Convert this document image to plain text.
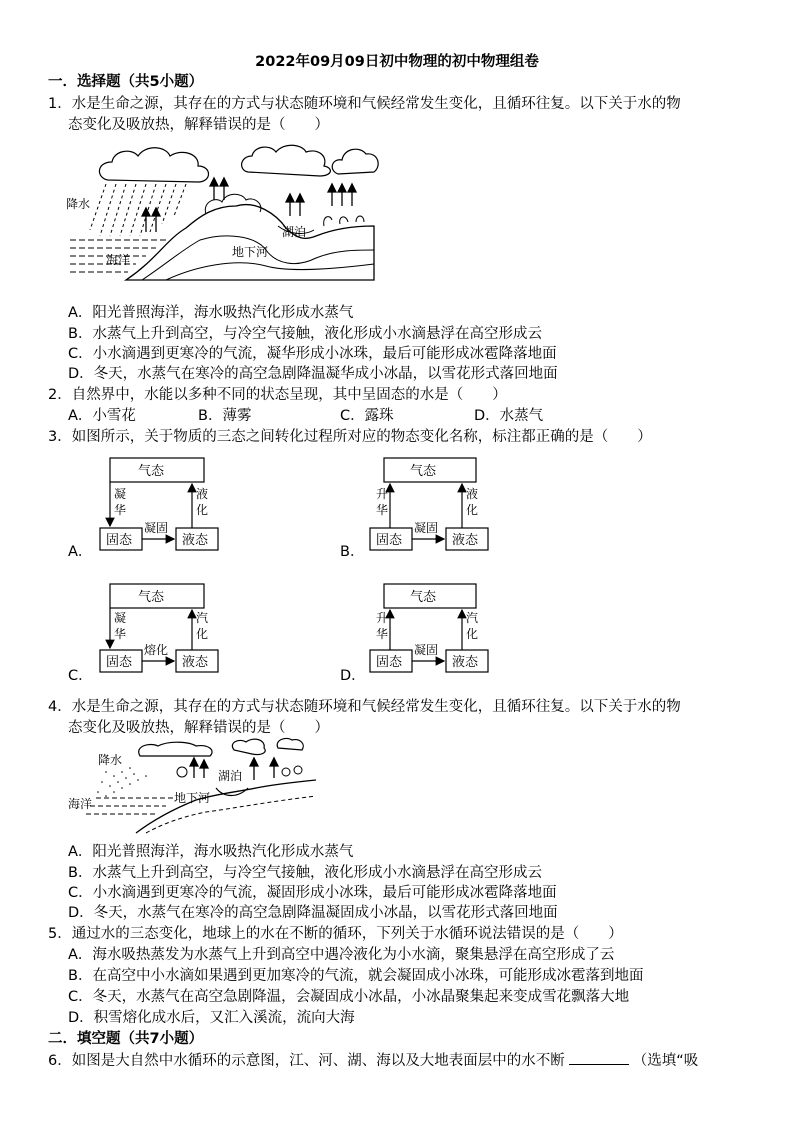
2022年09月09日初中物理的初中物理组卷
一．选择题（共5小题）
1．水是生命之源，其存在的方式与状态随环境和气候经常发生变化，且循环往复。以下关于水的物
态变化及吸放热，解释错误的是（　　）
降水
湖泊
海洋
地下河
A．阳光普照海洋，海水吸热汽化形成水蒸气
B．水蒸气上升到高空，与冷空气接触，液化形成小水滴悬浮在高空形成云
C．小水滴遇到更寒冷的气流，凝华形成小冰珠，最后可能形成冰雹降落地面
D．冬天，水蒸气在寒冷的高空急剧降温凝华成小冰晶，以雪花形式落回地面
2．自然界中，水能以多种不同的状态呈现，其中呈固态的水是（　　）
A．小雪花	B．薄雾	C．露珠	D．水蒸气
3．如图所示，关于物质的三态之间转化过程所对应的物态变化名称，标注都正确的是（　　）
A．
气态
固态	液态
凝
华
液
化
凝固
B．
气态
固态	液态
升
华
液
化
凝固
C．
气态
固态	液态
凝
华
汽
化
熔化
D．
气态
固态	液态
升
华
汽
化
凝固
4．水是生命之源，其存在的方式与状态随环境和气候经常发生变化，且循环往复。以下关于水的物
态变化及吸放热，解释错误的是（　　）
降水
湖泊
海洋	地下河
A．阳光普照海洋，海水吸热汽化形成水蒸气
B．水蒸气上升到高空，与冷空气接触，液化形成小水滴悬浮在高空形成云
C．小水滴遇到更寒冷的气流，凝固形成小冰珠，最后可能形成冰雹降落地面
D．冬天，水蒸气在寒冷的高空急剧降温凝固成小冰晶，以雪花形式落回地面
5．通过水的三态变化，地球上的水在不断的循环，下列关于水循环说法错误的是（　　）
A．海水吸热蒸发为水蒸气上升到高空中遇冷液化为小水滴，聚集悬浮在高空形成了云
B．在高空中小水滴如果遇到更加寒冷的气流，就会凝固成小冰珠，可能形成冰雹落到地面
C．冬天，水蒸气在高空急剧降温，会凝固成小冰晶，小冰晶聚集起来变成雪花飘落大地
D．积雪熔化成水后，又汇入溪流，流向大海
二．填空题（共7小题）
6．如图是大自然中水循环的示意图，江、河、湖、海以及大地表面层中的水不断	（选填“吸
